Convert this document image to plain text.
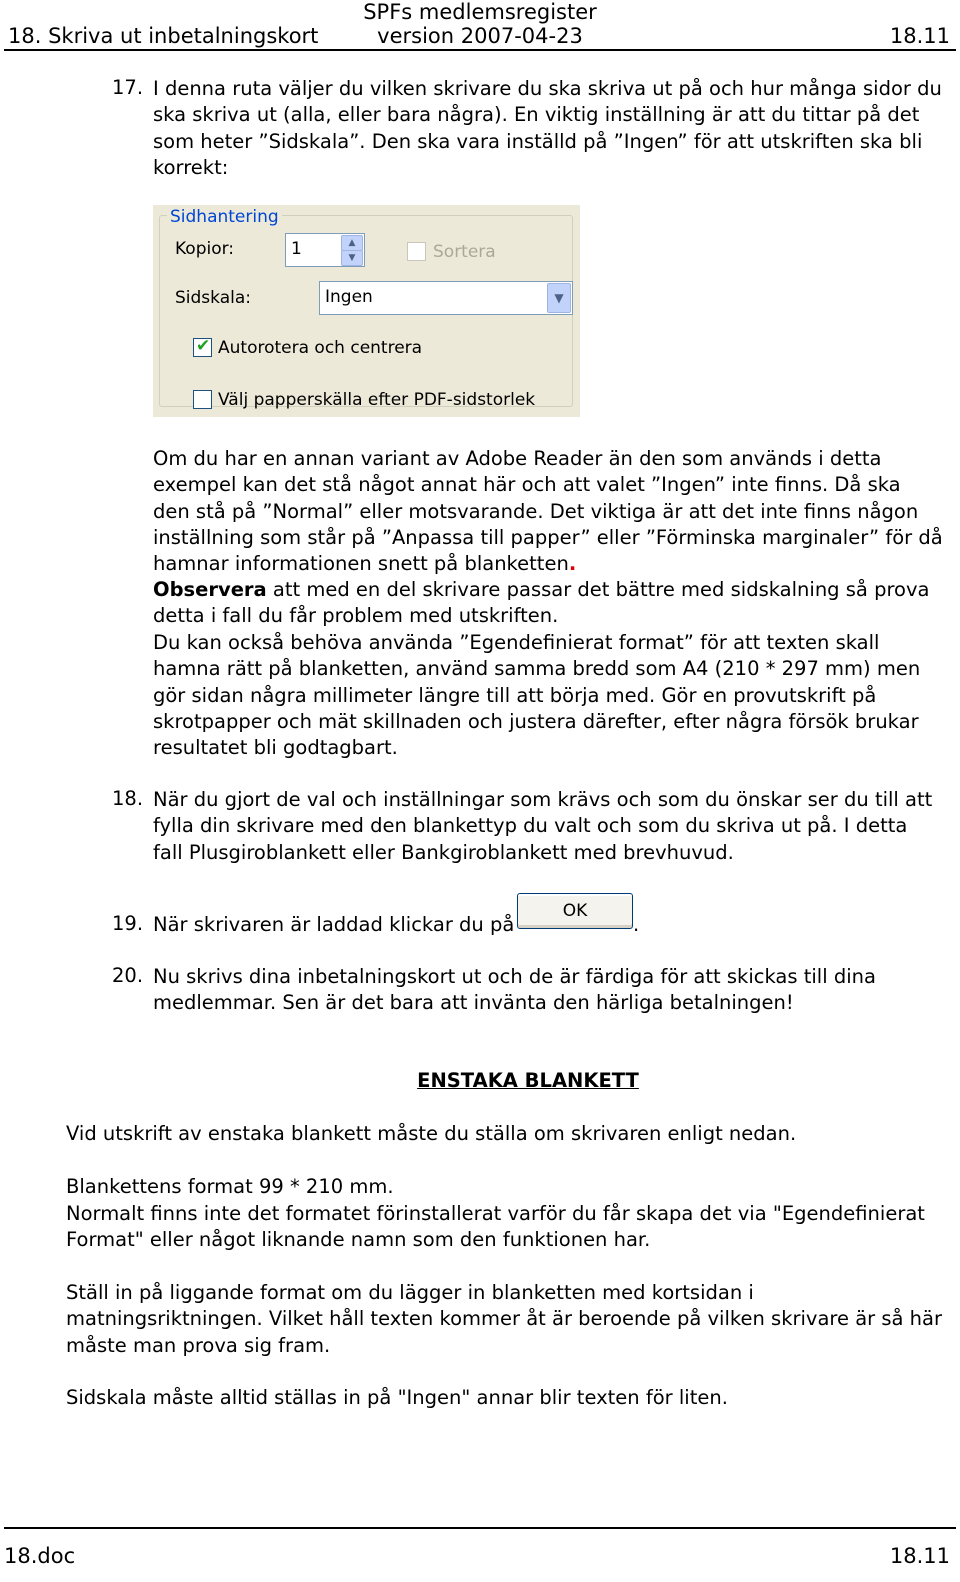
18. Skriva ut inbetalningskort
SPFs medlemsregister
version 2007-04-23	18.11
17. I denna ruta väljer du vilken skrivare du ska skriva ut på och hur många sidor du ska skriva ut (alla, eller bara några). En viktig inställning är att du tittar på det som heter ”Sidskala”. Den ska vara inställd på ”Ingen” för att utskriften ska bli korrekt:
Sidhantering
Kopior:	1	▲
▼	Sortera
Sidskala:	Ingen	▼
✔ Autorotera och centrera
Välj papperskälla efter PDF-sidstorlek
Om du har en annan variant av Adobe Reader än den som används i detta exempel kan det stå något annat här och att valet ”Ingen” inte finns. Då ska den stå på ”Normal” eller motsvarande. Det viktiga är att det inte finns någon inställning som står på ”Anpassa till papper” eller ”Förminska marginaler” för då hamnar informationen snett på blanketten.
Observera att med en del skrivare passar det bättre med sidskalning så prova detta i fall du får problem med utskriften.
Du kan också behöva använda ”Egendefinierat format” för att texten skall hamna rätt på blanketten, använd samma bredd som A4 (210 * 297 mm) men gör sidan några millimeter längre till att börja med. Gör en provutskrift på skrotpapper och mät skillnaden och justera därefter, efter några försök brukar resultatet bli godtagbart.
18. När du gjort de val och inställningar som krävs och som du önskar ser du till att fylla din skrivare med den blankettyp du valt och som du skriva ut på. I detta fall Plusgiroblankett eller Bankgiroblankett med brevhuvud.
19. När skrivaren är laddad klickar du på
OK
.
20. Nu skrivs dina inbetalningskort ut och de är färdiga för att skickas till dina medlemmar. Sen är det bara att invänta den härliga betalningen!
ENSTAKA BLANKETT
Vid utskrift av enstaka blankett måste du ställa om skrivaren enligt nedan.
Blankettens format 99 * 210 mm.
Normalt finns inte det formatet förinstallerat varför du får skapa det via "Egendefinierat Format" eller något liknande namn som den funktionen har.
Ställ in på liggande format om du lägger in blanketten med kortsidan i matningsriktningen. Vilket håll texten kommer åt är beroende på vilken skrivare är så här måste man prova sig fram.
Sidskala måste alltid ställas in på "Ingen" annar blir texten för liten.
18.doc	18.11
